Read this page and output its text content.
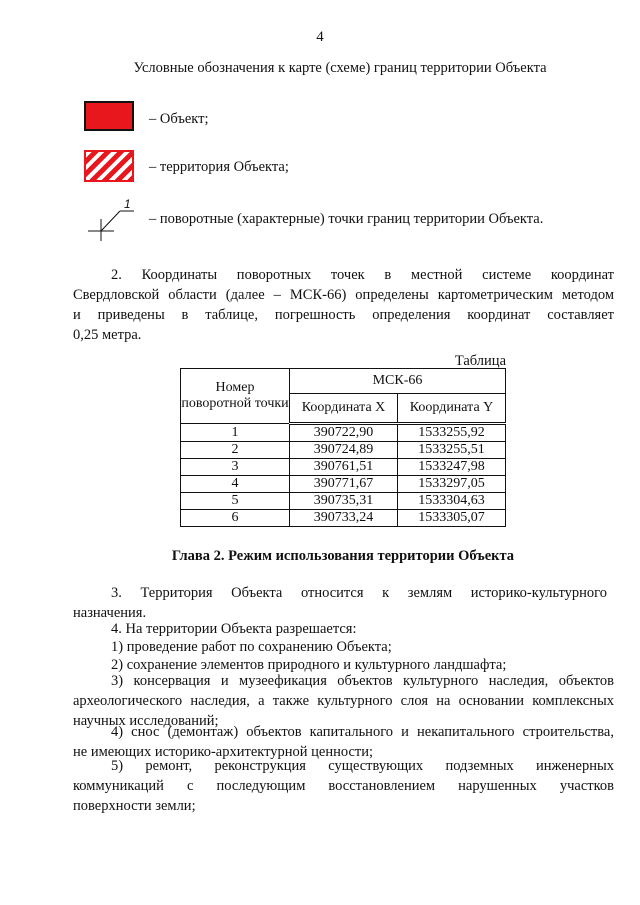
4
Условные обозначения к карте (схеме) границ территории Объекта
– Объект;
– территория Объекта;
1
– поворотные (характерные) точки границ территории Объекта.
2. Координаты поворотных точек в местной системе координат
Свердловской области (далее – МСК-66) определены картометрическим методом
и приведены в таблице, погрешность определения координат составляет
0,25 метра.
Таблица
Номер поворотной точки	МСК-66	
	Координата X	Координата Y
1	390722,90	1533255,92
2	390724,89	1533255,51
3	390761,51	1533247,98
4	390771,67	1533297,05
5	390735,31	1533304,63
6	390733,24	1533305,07
Глава 2. Режим использования территории Объекта
3. Территория Объекта относится к землям историко-культурного
назначения.
4. На территории Объекта разрешается:
1) проведение работ по сохранению Объекта;
2) сохранение элементов природного и культурного ландшафта;
3) консервация и музеефикация объектов культурного наследия, объектов
археологического наследия, а также культурного слоя на основании комплексных
научных исследований;
4) снос (демонтаж) объектов капитального и некапитального строительства,
не имеющих историко-архитектурной ценности;
5) ремонт, реконструкция существующих подземных инженерных
коммуникаций с последующим восстановлением нарушенных участков
поверхности земли;
